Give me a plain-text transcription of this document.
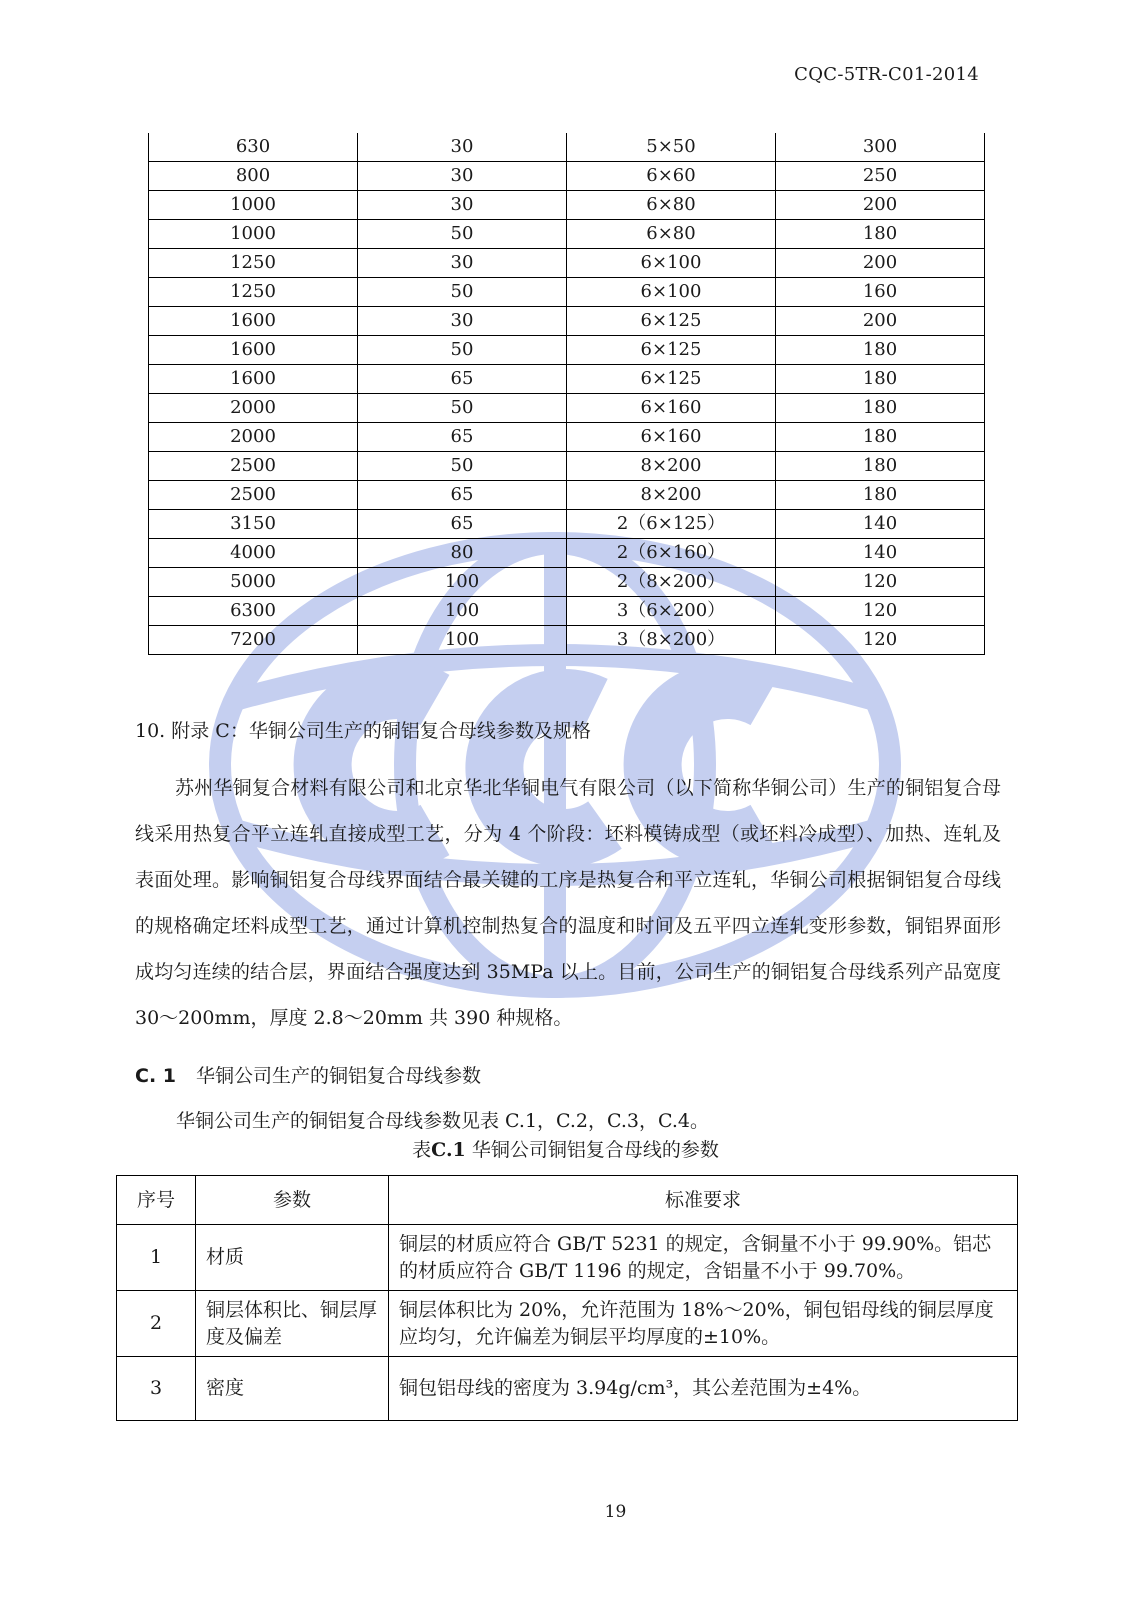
CQC-5TR-C01-2014
630	30	5×50	300
800	30	6×60	250
1000	30	6×80	200
1000	50	6×80	180
1250	30	6×100	200
1250	50	6×100	160
1600	30	6×125	200
1600	50	6×125	180
1600	65	6×125	180
2000	50	6×160	180
2000	65	6×160	180
2500	50	8×200	180
2500	65	8×200	180
3150	65	2（6×125）	140
4000	80	2（6×160）	140
5000	100	2（8×200）	120
6300	100	3（6×200）	120
7200	100	3（8×200）	120
10. 附录 C：华铜公司生产的铜铝复合母线参数及规格

苏州华铜复合材料有限公司和北京华北华铜电气有限公司（以下简称华铜公司）生产的铜铝复合母线采用热复合平立连轧直接成型工艺，分为 4 个阶段：坯料模铸成型（或坯料冷成型）、加热、连轧及表面处理。影响铜铝复合母线界面结合最关键的工序是热复合和平立连轧，华铜公司根据铜铝复合母线的规格确定坯料成型工艺，通过计算机控制热复合的温度和时间及五平四立连轧变形参数，铜铝界面形成均匀连续的结合层，界面结合强度达到 35MPa 以上。目前，公司生产的铜铝复合母线系列产品宽度 30～200mm，厚度 2.8～20mm 共 390 种规格。

C. 1 华铜公司生产的铜铝复合母线参数

华铜公司生产的铜铝复合母线参数见表 C.1，C.2，C.3，C.4。

表C.1 华铜公司铜铝复合母线的参数
序号	参数	标准要求
1	材质	铜层的材质应符合 GB/T 5231 的规定，含铜量不小于 99.90%。铝芯的材质应符合 GB/T 1196 的规定，含铝量不小于 99.70%。
2	铜层体积比、铜层厚度及偏差	铜层体积比为 20%，允许范围为 18%～20%，铜包铝母线的铜层厚度应均匀，允许偏差为铜层平均厚度的±10%。
3	密度	铜包铝母线的密度为 3.94g/cm³，其公差范围为±4%。
19
